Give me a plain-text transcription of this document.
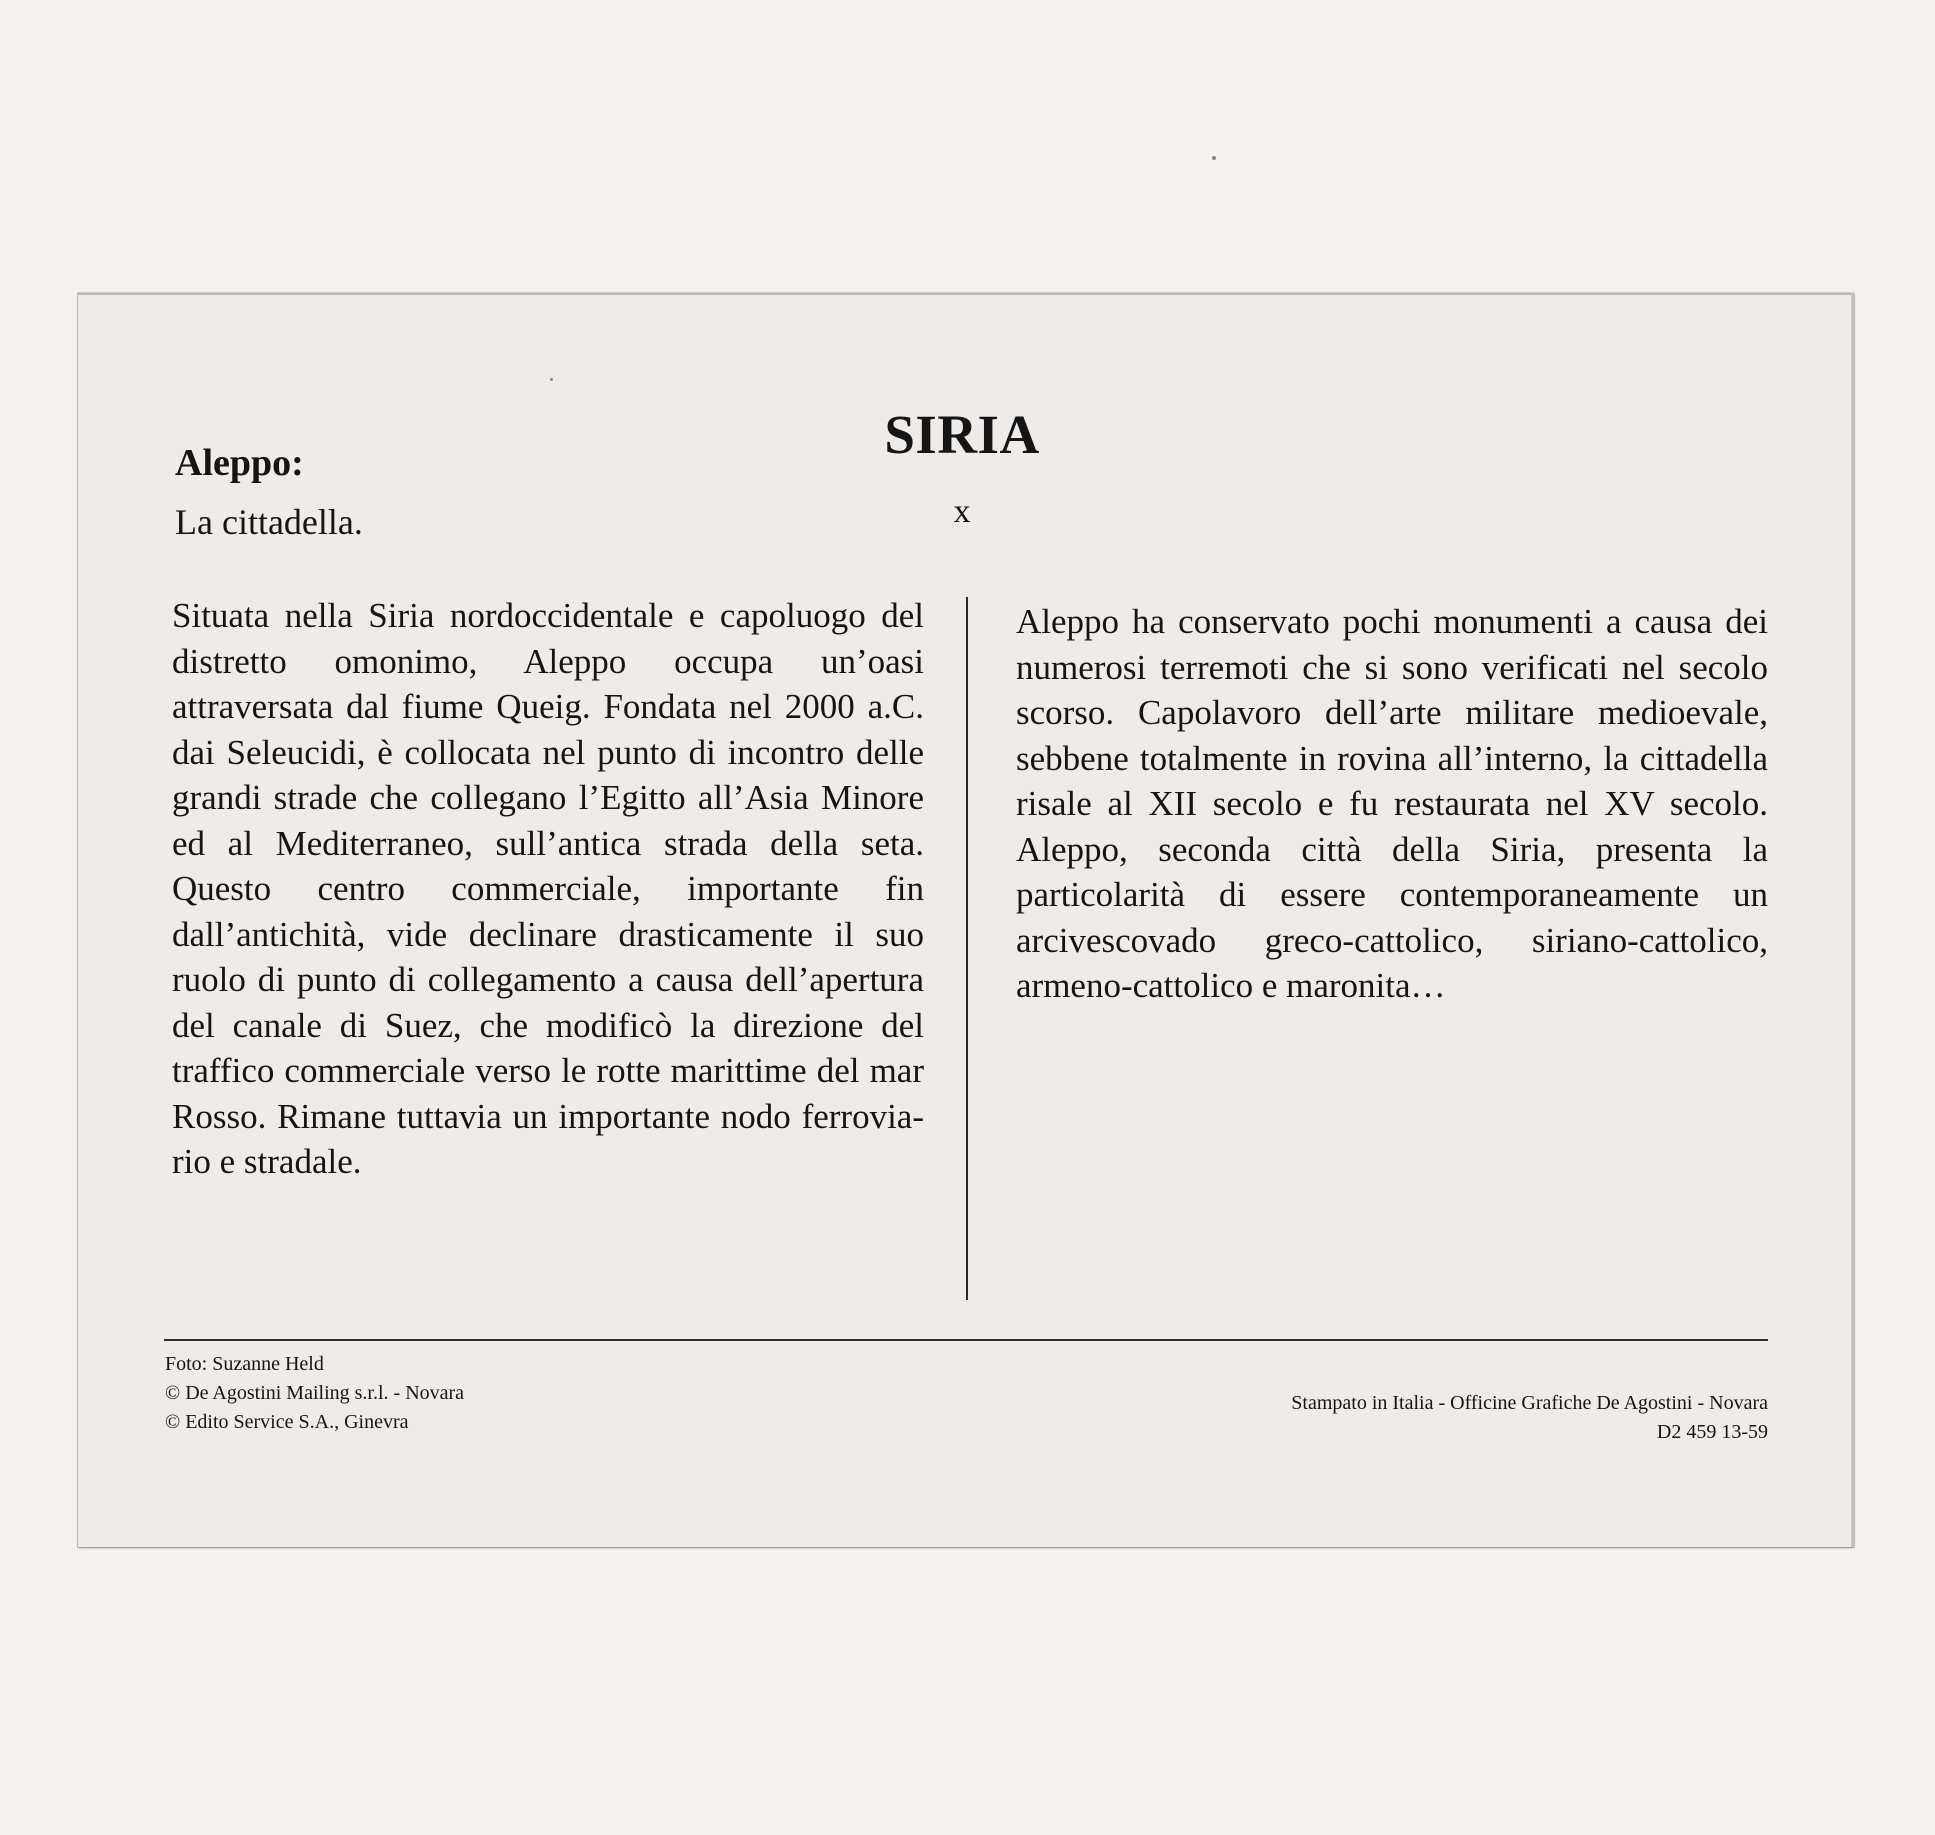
SIRIA
x
Aleppo:
La cittadella.
Situata nella Siria nordoccidentale e capoluogo del distretto omonimo, Aleppo occupa un’oasi attraversata dal fiume Queig. Fondata nel 2000 a.C. dai Seleucidi, è collocata nel punto di incontro delle grandi strade che collegano l’Egitto all’Asia Minore ed al Mediterraneo, sull’antica strada della seta. Questo centro commerciale, importante fin dall’antichità, vide declinare drasticamente il suo ruolo di punto di collegamento a causa dell’apertura del canale di Suez, che modificò la direzione del traffico commerciale verso le rotte marittime del mar Rosso. Rimane tuttavia un importante nodo ferroviario e stradale.
Aleppo ha conservato pochi monumenti a causa dei numerosi terremoti che si sono verificati nel secolo scorso. Capolavoro dell’arte militare medioevale, sebbene totalmente in rovina all’interno, la cittadella risale al XII secolo e fu restaurata nel XV secolo. Aleppo, seconda città della Siria, presenta la particolarità di essere contemporaneamente un arcivescovado greco-cattolico, siriano-cattolico, armeno-cattolico e maronita…
Foto: Suzanne Held
© De Agostini Mailing s.r.l. - Novara
© Edito Service S.A., Ginevra
Stampato in Italia - Officine Grafiche De Agostini - Novara
D2 459 13-59
